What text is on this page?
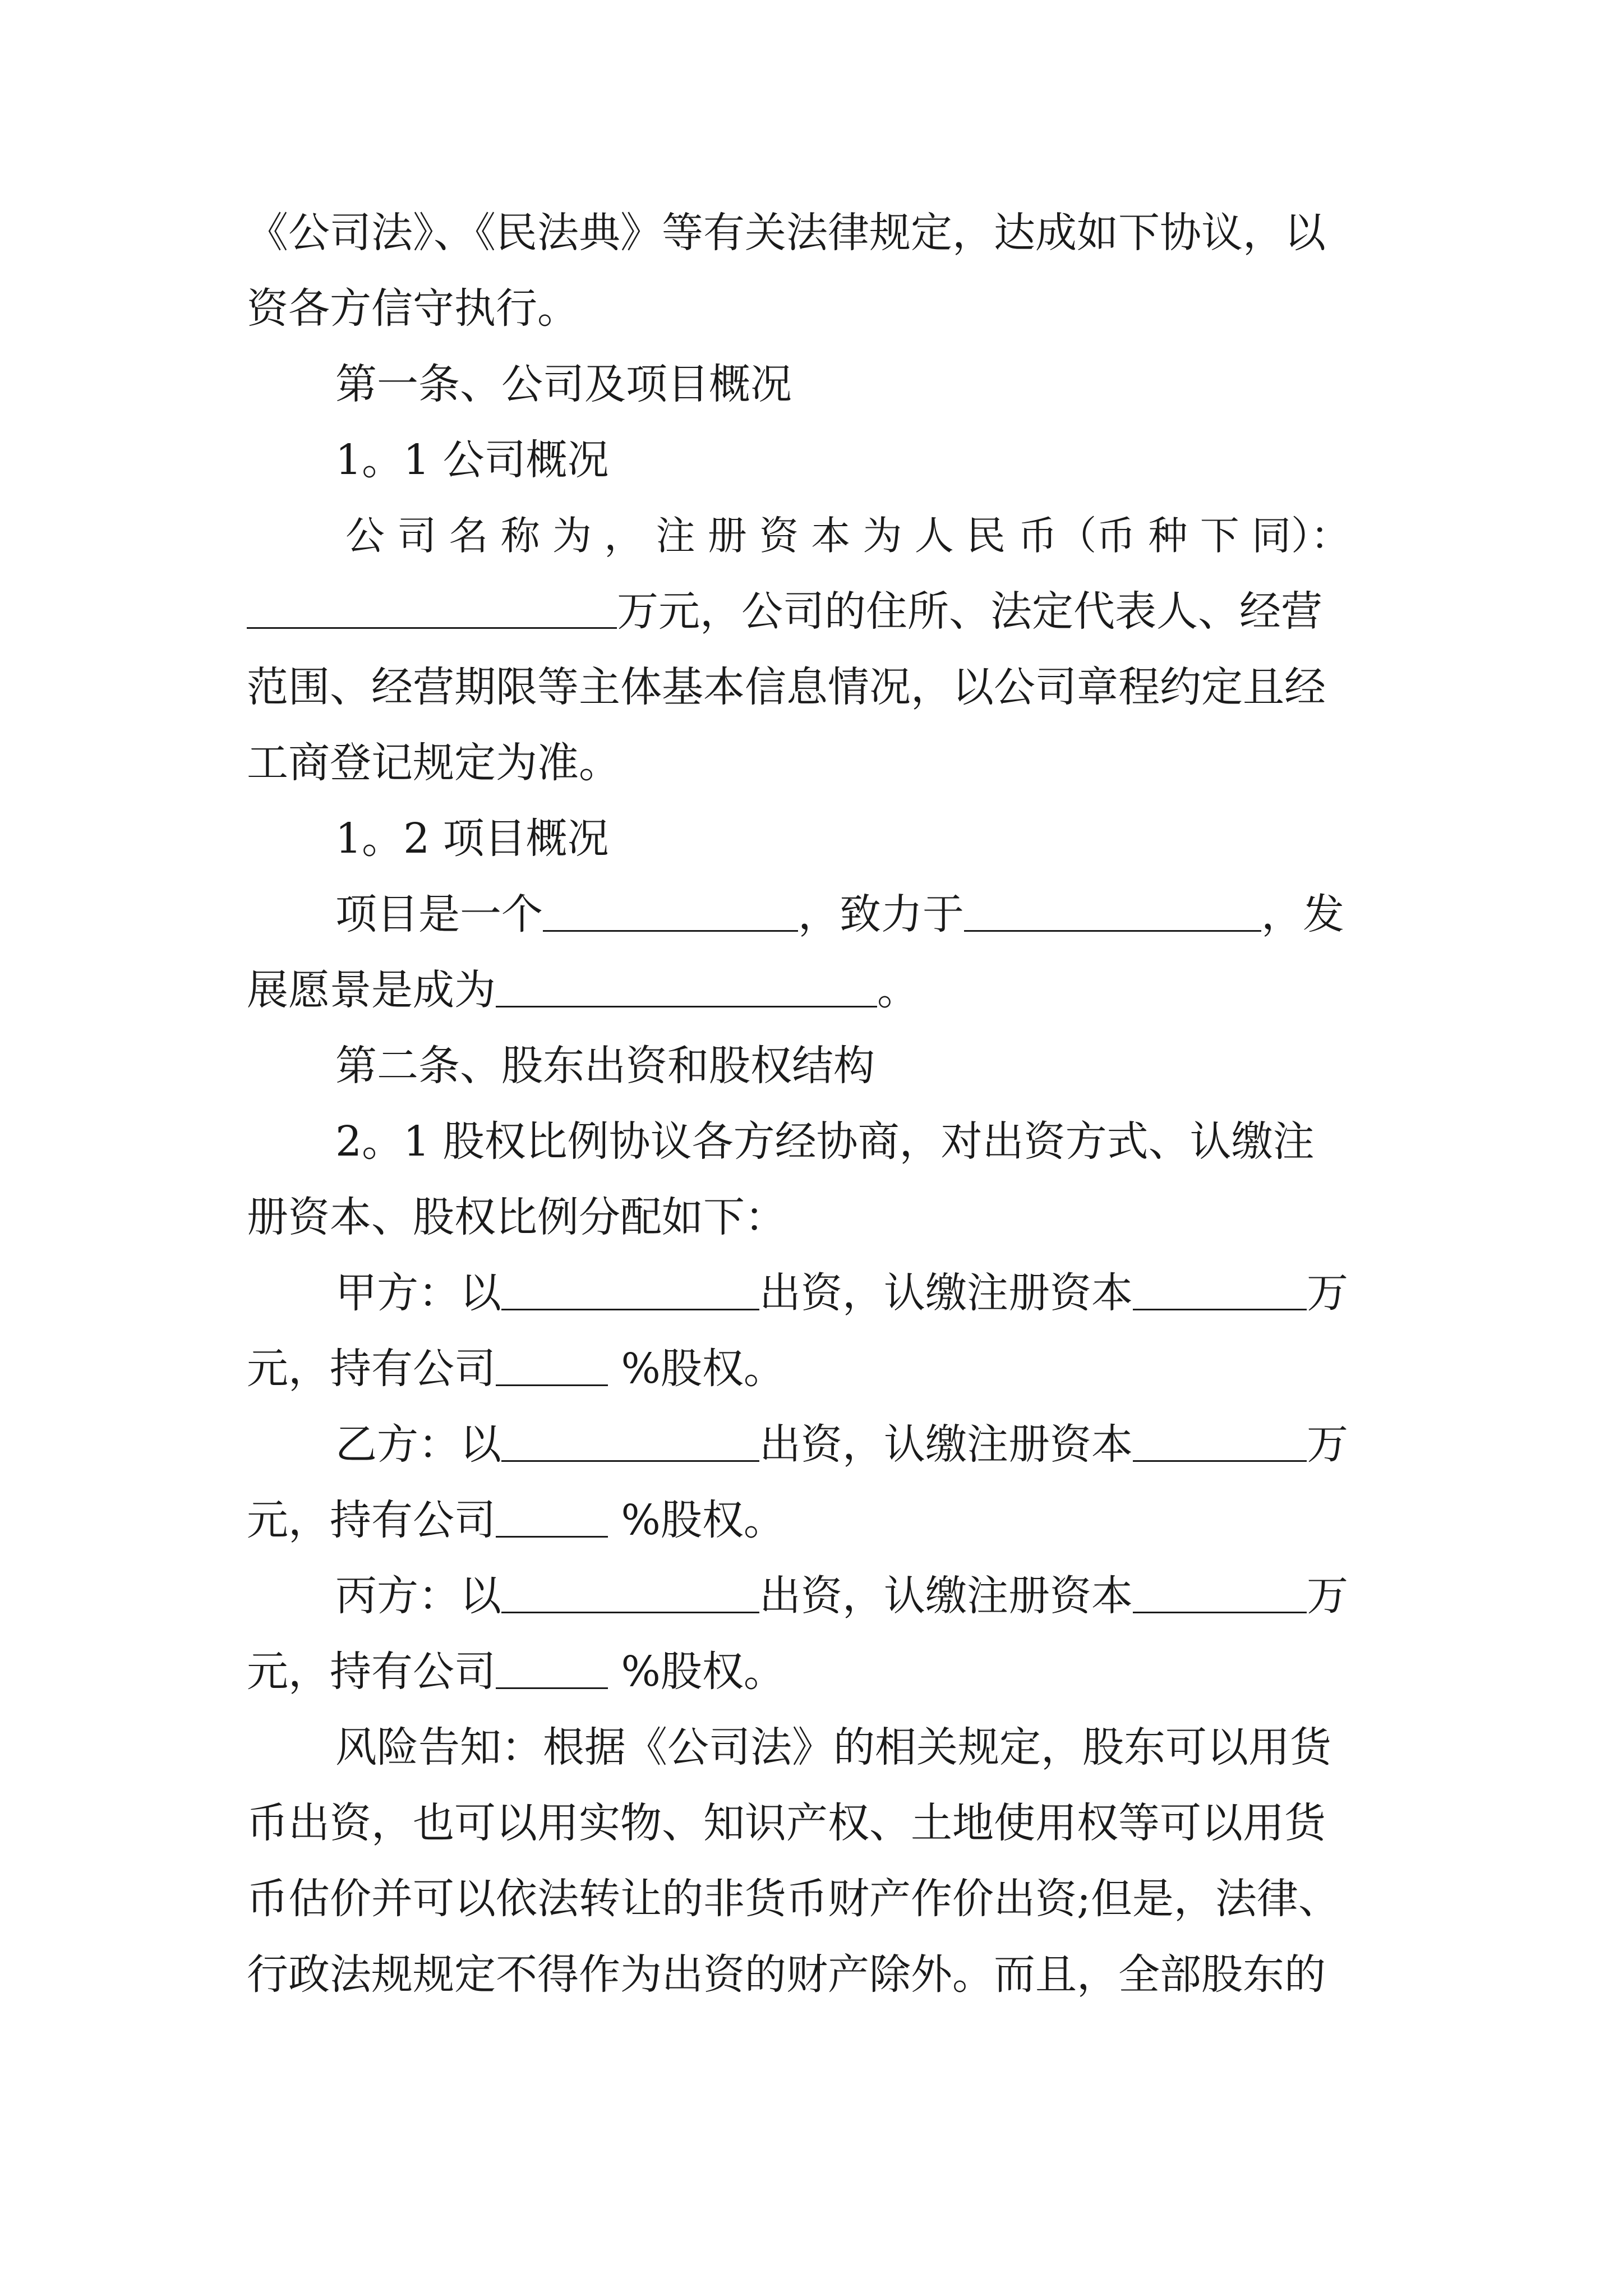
《公司法》、《民法典》等有关法律规定，达成如下协议，以
资各方信守执行。
第一条、公司及项目概况
1。1 公司概况
公 司 名 称 为 ， 注 册 资 本 为 人 民 币（币 种 下 同）：
万元，公司的住所、法定代表人、经营
范围、经营期限等主体基本信息情况，以公司章程约定且经
工商登记规定为准。
1。2 项目概况
项目是一个	，致力于	，发
展愿景是成为	。
第二条、股东出资和股权结构
2。1 股权比例协议各方经协商，对出资方式、认缴注
册资本、股权比例分配如下：
甲方：以	出资，认缴注册资本	万
元，持有公司	%股权。
乙方：以	出资，认缴注册资本	万
元，持有公司	%股权。
丙方：以	出资，认缴注册资本	万
元，持有公司	%股权。
风险告知：根据《公司法》的相关规定，股东可以用货
币出资，也可以用实物、知识产权、土地使用权等可以用货
币估价并可以依法转让的非货币财产作价出资;但是，法律、
行政法规规定不得作为出资的财产除外。而且，全部股东的
